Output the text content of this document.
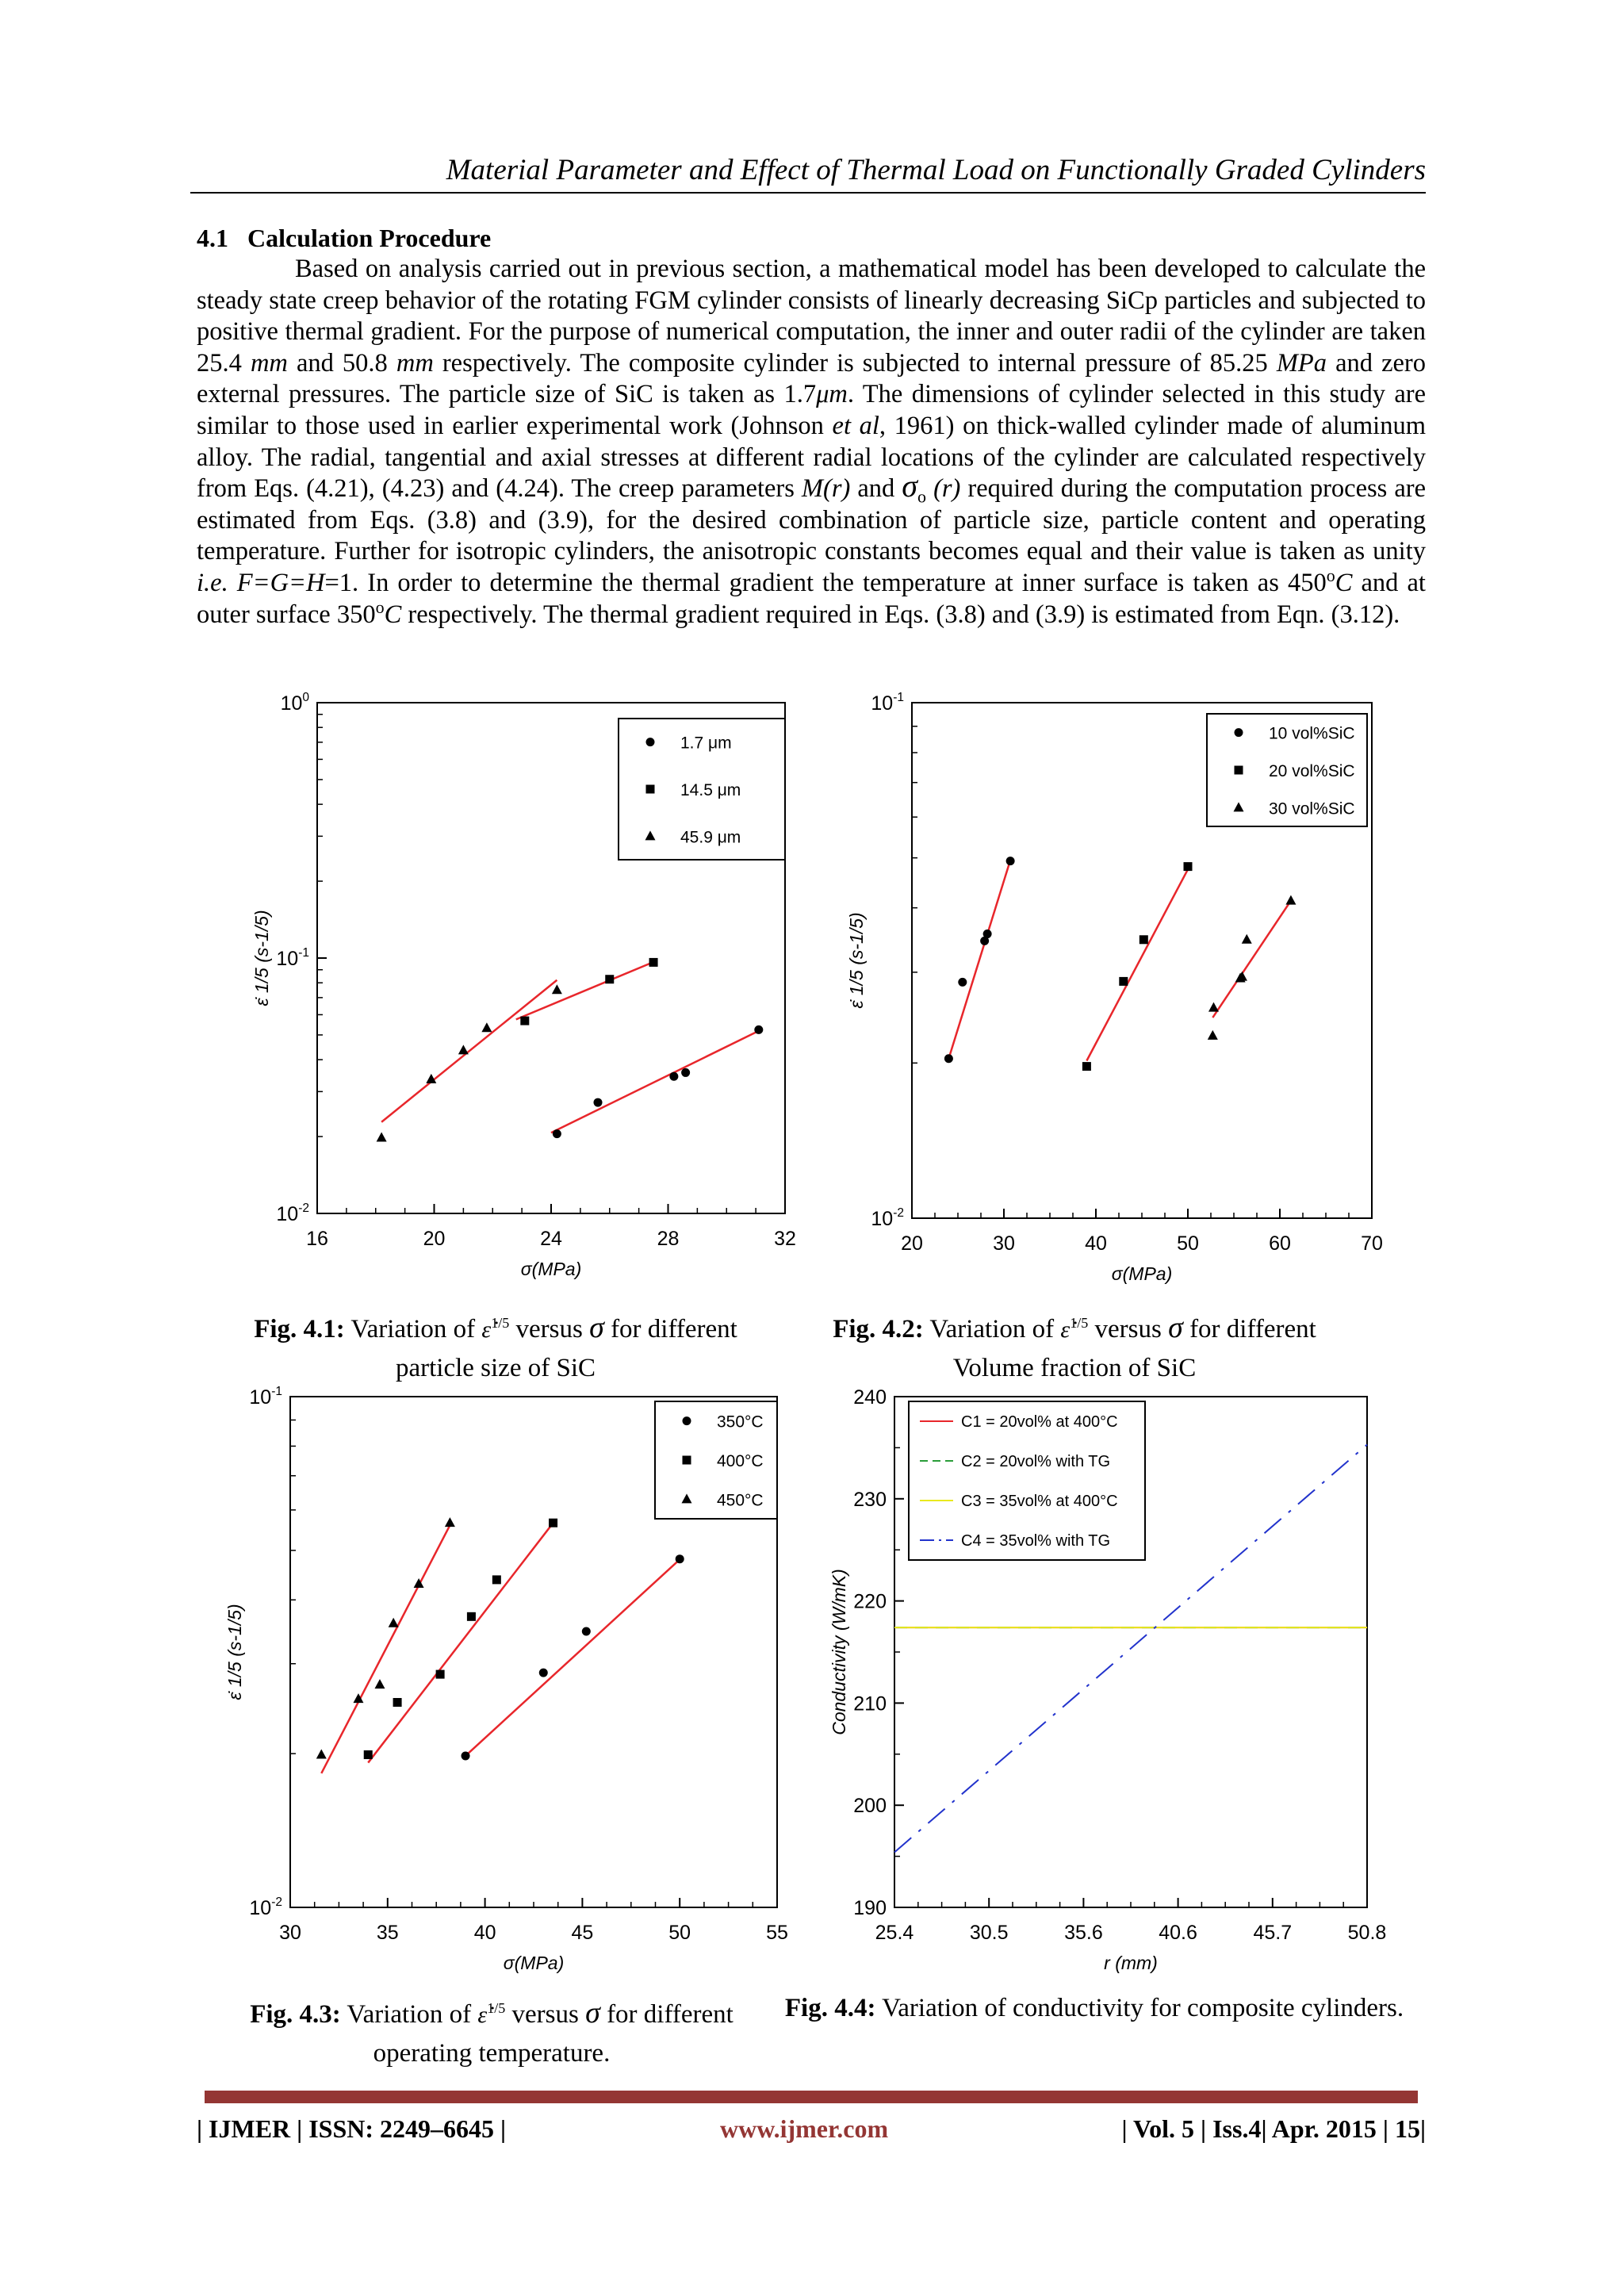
Material Parameter and Effect of Thermal Load on Functionally Graded Cylinders
4.1 Calculation Procedure

Based on analysis carried out in previous section, a mathematical model has been developed to calculate the steady state creep behavior of the rotating FGM cylinder consists of linearly decreasing SiCp particles and subjected to positive thermal gradient. For the purpose of numerical computation, the inner and outer radii of the cylinder are taken 25.4 mm and 50.8 mm respectively. The composite cylinder is subjected to internal pressure of 85.25 MPa and zero external pressures. The particle size of SiC is taken as 1.7μm. The dimensions of cylinder selected in this study are similar to those used in earlier experimental work (Johnson et al, 1961) on thick-walled cylinder made of aluminum alloy. The radial, tangential and axial stresses at different radial locations of the cylinder are calculated respectively from Eqs. (4.21), (4.23) and (4.24). The creep parameters M(r) and $\sigma_o$ (r) required during the computation process are estimated from Eqs. (3.8) and (3.9), for the desired combination of particle size, particle content and operating temperature. Further for isotropic cylinders, the anisotropic constants becomes equal and their value is taken as unity i.e. F=G=H=1. In order to determine the thermal gradient the temperature at inner surface is taken as 450$^o$C and at outer surface 350$^o$C respectively. The thermal gradient required in Eqs. (3.8) and (3.9) is estimated from Eqn. (3.12).

16	20	24	28	32
$10^{-2}$
$10^{-1}$
$10^0$
σ(MPa)
ε̇ 1/5 (s-1/5)
1.7 μm
14.5 μm
45.9 μm
20	30	40	50	60	70
$10^{-2}$
$10^{-1}$
σ(MPa)
ε̇ 1/5 (s-1/5)
10 vol%SiC
20 vol%SiC
30 vol%SiC
30	35	40	45	50	55
$10^{-2}$
$10^{-1}$
σ(MPa)
ε̇ 1/5 (s-1/5)
350°C
400°C
450°C
25.4	30.5	35.6	40.6	45.7	50.8
190
200
210
220
230
240
r (mm)
Conductivity (W/mK)
C1 = 20vol% at 400°C
C2 = 20vol% with TG
C3 = 35vol% at 400°C
C4 = 35vol% with TG
Fig. 4.1: Variation of ε̇$^{1/5}$ versus σ for different
particle size of SiC
Fig. 4.2: Variation of ε̇$^{1/5}$ versus σ for different
Volume fraction of SiC
Fig. 4.3: Variation of ε̇$^{1/5}$ versus σ for different
operating temperature.
Fig. 4.4: Variation of conductivity for composite cylinders.
| IJMER | ISSN: 2249–6645 |	www.ijmer.com	| Vol. 5 | Iss.4| Apr. 2015 | 15|
